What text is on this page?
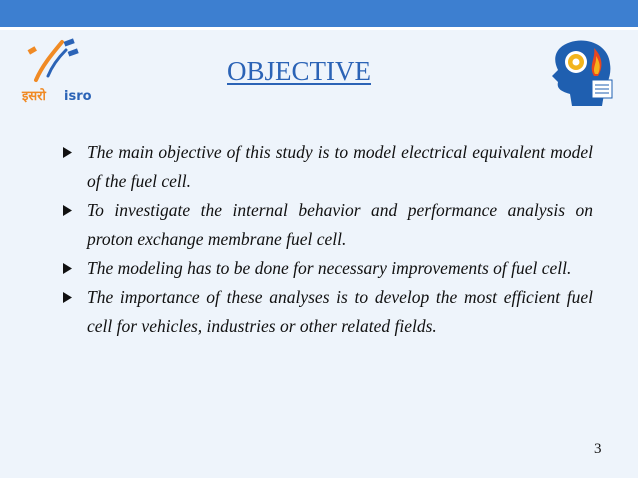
इसरो isro
OBJECTIVE
The main objective of this study is to model electrical equivalent model of the fuel cell.
To investigate the internal behavior and performance analysis on proton exchange membrane fuel cell.
The modeling has to be done for necessary improvements of fuel cell.
The importance of these analyses is to develop the most efficient fuel cell for vehicles, industries or other related fields.
3
